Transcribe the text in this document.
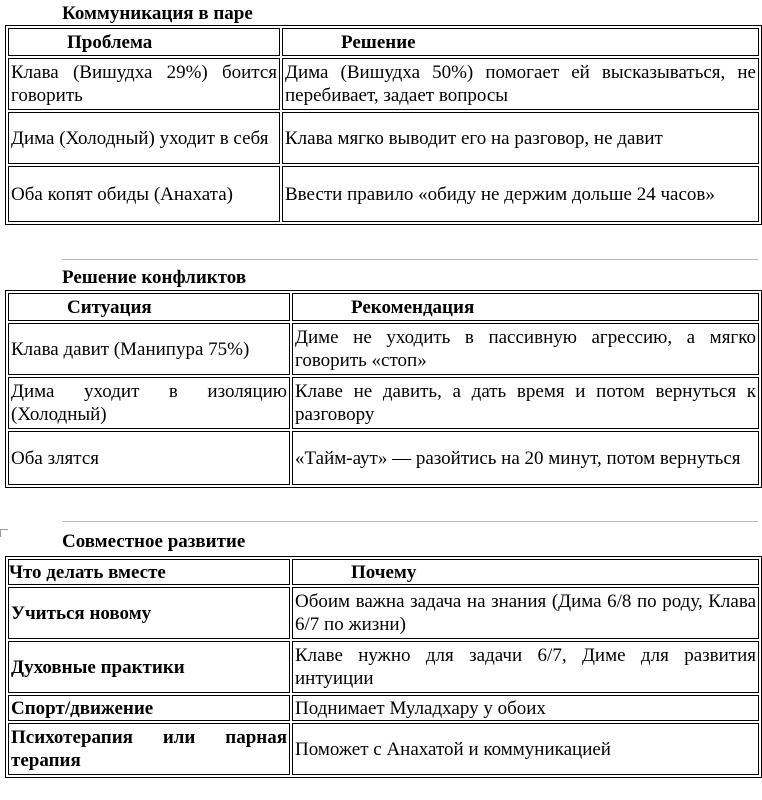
Коммуникация в паре
Проблема	Решение
Клава (Вишудха 29%) боится говорить	Дима (Вишудха 50%) помогает ей высказываться, не перебивает, задает вопросы
Дима (Холодный) уходит в себя	Клава мягко выводит его на разговор, не давит
Оба копят обиды (Анахата)	Ввести правило «обиду не держим дольше 24 часов»
Решение конфликтов
Ситуация	Рекомендация
Клава давит (Манипура 75%)	Диме не уходить в пассивную агрессию, а мягко говорить «стоп»
Дима уходит в изоляцию (Холодный)	Клаве не давить, а дать время и потом вернуться к разговору
Оба злятся	«Тайм-аут» — разойтись на 20 минут, потом вернуться
Совместное развитие
Что делать вместе	Почему
Учиться новому	Обоим важна задача на знания (Дима 6/8 по роду, Клава 6/7 по жизни)
Духовные практики	Клаве нужно для задачи 6/7, Диме для развития интуиции
Спорт/движение	Поднимает Муладхару у обоих
Психотерапия или парная терапия	Поможет с Анахатой и коммуникацией
